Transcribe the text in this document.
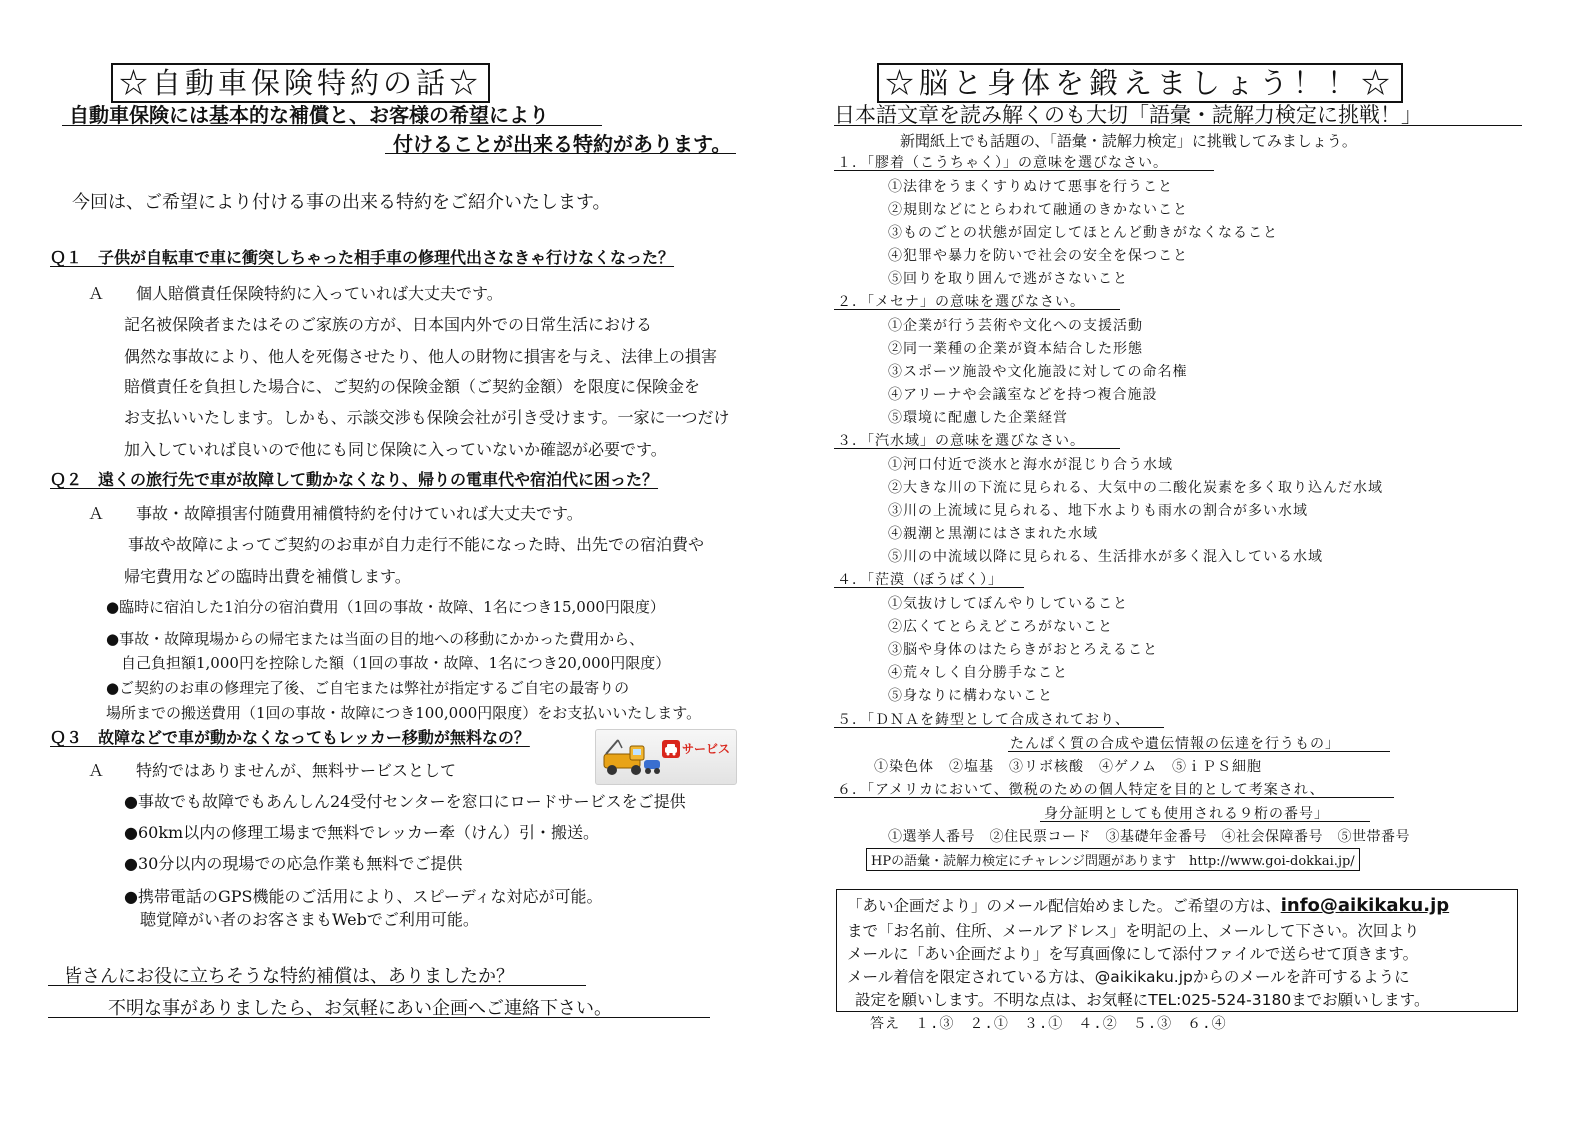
☆自動車保険特約の話☆
自動車保険には基本的な補償と、お客様の希望により
付けることが出来る特約があります。
今回は、ご希望により付ける事の出来る特約をご紹介いたします。
Ｑ１　子供が自転車で車に衝突しちゃった相手車の修理代出さなきゃ行けなくなった？
Ａ　　個人賠償責任保険特約に入っていれば大丈夫です。
記名被保険者またはそのご家族の方が、日本国内外での日常生活における
偶然な事故により、他人を死傷させたり、他人の財物に損害を与え、法律上の損害
賠償責任を負担した場合に、ご契約の保険金額（ご契約金額）を限度に保険金を
お支払いいたします。しかも、示談交渉も保険会社が引き受けます。一家に一つだけ
加入していれば良いので他にも同じ保険に入っていないか確認が必要です。
Ｑ２　遠くの旅行先で車が故障して動かなくなり、帰りの電車代や宿泊代に困った？
Ａ　　事故・故障損害付随費用補償特約を付けていれば大丈夫です。
事故や故障によってご契約のお車が自力走行不能になった時、出先での宿泊費や
帰宅費用などの臨時出費を補償します。
●臨時に宿泊した1泊分の宿泊費用（1回の事故・故障、1名につき15,000円限度）
●事故・故障現場からの帰宅または当面の目的地への移動にかかった費用から、
　自己負担額1,000円を控除した額（1回の事故・故障、1名につき20,000円限度）
●ご契約のお車の修理完了後、ご自宅または弊社が指定するご自宅の最寄りの
場所までの搬送費用（1回の事故・故障につき100,000円限度）をお支払いいたします。
Ｑ３　故障などで車が動かなくなってもレッカー移動が無料なの？
サービス
Ａ　　特約ではありませんが、無料サービスとして
●事故でも故障でもあんしん24受付センターを窓口にロードサービスをご提供
●60km以内の修理工場まで無料でレッカー牽（けん）引・搬送。
●30分以内の現場での応急作業も無料でご提供
●携帯電話のGPS機能のご活用により、スピーディな対応が可能。
　聴覚障がい者のお客さまもWebでご利用可能。
皆さんにお役に立ちそうな特約補償は、ありましたか？
不明な事がありましたら、お気軽にあい企画へご連絡下さい。
☆脳と身体を鍛えましょう！！☆
日本語文章を読み解くのも大切「語彙・読解力検定に挑戦！」
新聞紙上でも話題の、「語彙・読解力検定」に挑戦してみましょう。
１．「膠着（こうちゃく）」の意味を選びなさい。
①法律をうまくすりぬけて悪事を行うこと
②規則などにとらわれて融通のきかないこと
③ものごとの状態が固定してほとんど動きがなくなること
④犯罪や暴力を防いで社会の安全を保つこと
⑤回りを取り囲んで逃がさないこと
２．「メセナ」の意味を選びなさい。
①企業が行う芸術や文化への支援活動
②同一業種の企業が資本結合した形態
③スポーツ施設や文化施設に対しての命名権
④アリーナや会議室などを持つ複合施設
⑤環境に配慮した企業経営
３．「汽水域」の意味を選びなさい。
①河口付近で淡水と海水が混じり合う水域
②大きな川の下流に見られる、大気中の二酸化炭素を多く取り込んだ水域
③川の上流域に見られる、地下水よりも雨水の割合が多い水域
④親潮と黒潮にはさまれた水域
⑤川の中流域以降に見られる、生活排水が多く混入している水域
４．「茫漠（ぼうばく）」
①気抜けしてぼんやりしていること
②広くてとらえどころがないこと
③脳や身体のはたらきがおとろえること
④荒々しく自分勝手なこと
⑤身なりに構わないこと
５．「ＤＮＡを鋳型として合成されており、
たんぱく質の合成や遺伝情報の伝達を行うもの」
①染色体　②塩基　③リボ核酸　④ゲノム　⑤ｉＰＳ細胞
６．「アメリカにおいて、徴税のための個人特定を目的として考案され、
身分証明としても使用される９桁の番号」
①選挙人番号　②住民票コード　③基礎年金番号　④社会保障番号　⑤世帯番号
HPの語彙・読解力検定にチャレンジ問題があります　http://www.goi-dokkai.jp/
「あい企画だより」のメール配信始めました。ご希望の方は、info@aikikaku.jp
まで「お名前、住所、メールアドレス」を明記の上、メールして下さい。次回より
メールに「あい企画だより」を写真画像にして添付ファイルで送らせて頂きます。
メール着信を限定されている方は、@aikikaku.jpからのメールを許可するように
設定を願いします。不明な点は、お気軽にTEL:025-524-3180までお願いします。
答え　１.③　２.①　３.①　４.②　５.③　６.④
